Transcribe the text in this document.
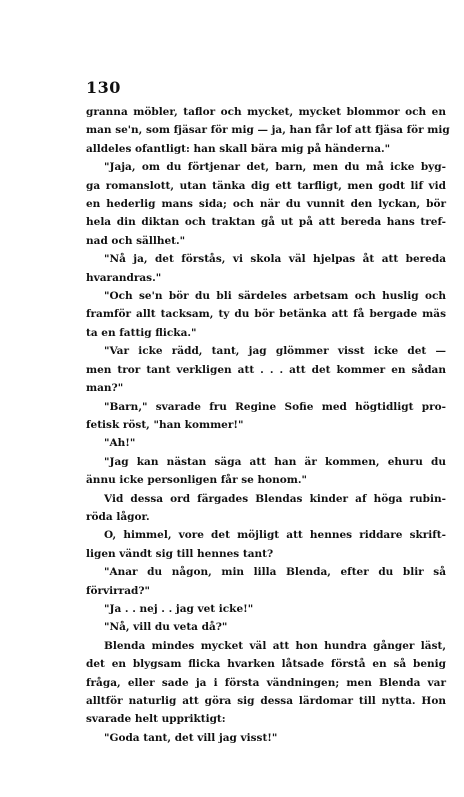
130
granna möbler, taflor och mycket, mycket blommor och en
man se'n, som fjäsar för mig — ja, han får lof att fjäsa för mig
alldeles ofantligt: han skall bära mig på händerna."
"Jaja, om du förtjenar det, barn, men du må icke byg-
ga romanslott, utan tänka dig ett tarfligt, men godt lif vid
en hederlig mans sida; och när du vunnit den lyckan, bör
hela din diktan och traktan gå ut på att bereda hans tref-
nad och sällhet."
"Nå ja, det förstås, vi skola väl hjelpas åt att bereda
hvarandras."
"Och se'n bör du bli särdeles arbetsam och huslig och
framför allt tacksam, ty du bör betänka att få bergade mäs
ta en fattig flicka."
"Var icke rädd, tant, jag glömmer visst icke det —
men tror tant verkligen att . . . att det kommer en sådan
man?"
"Barn," svarade fru Regine Sofie med högtidligt pro-
fetisk röst, "han kommer!"
"Ah!"
"Jag kan nästan säga att han är kommen, ehuru du
ännu icke personligen får se honom."
Vid dessa ord färgades Blendas kinder af höga rubin-
röda lågor.
O, himmel, vore det möjligt att hennes riddare skrift-
ligen vändt sig till hennes tant?
"Anar du någon, min lilla Blenda, efter du blir så
förvirrad?"
"Ja . . nej . . jag vet icke!"
"Nå, vill du veta då?"
Blenda mindes mycket väl att hon hundra gånger läst,
det en blygsam flicka hvarken låtsade förstå en så benig
fråga, eller sade ja i första vändningen; men Blenda var
alltför naturlig att göra sig dessa lärdomar till nytta. Hon
svarade helt uppriktigt:
"Goda tant, det vill jag visst!"
